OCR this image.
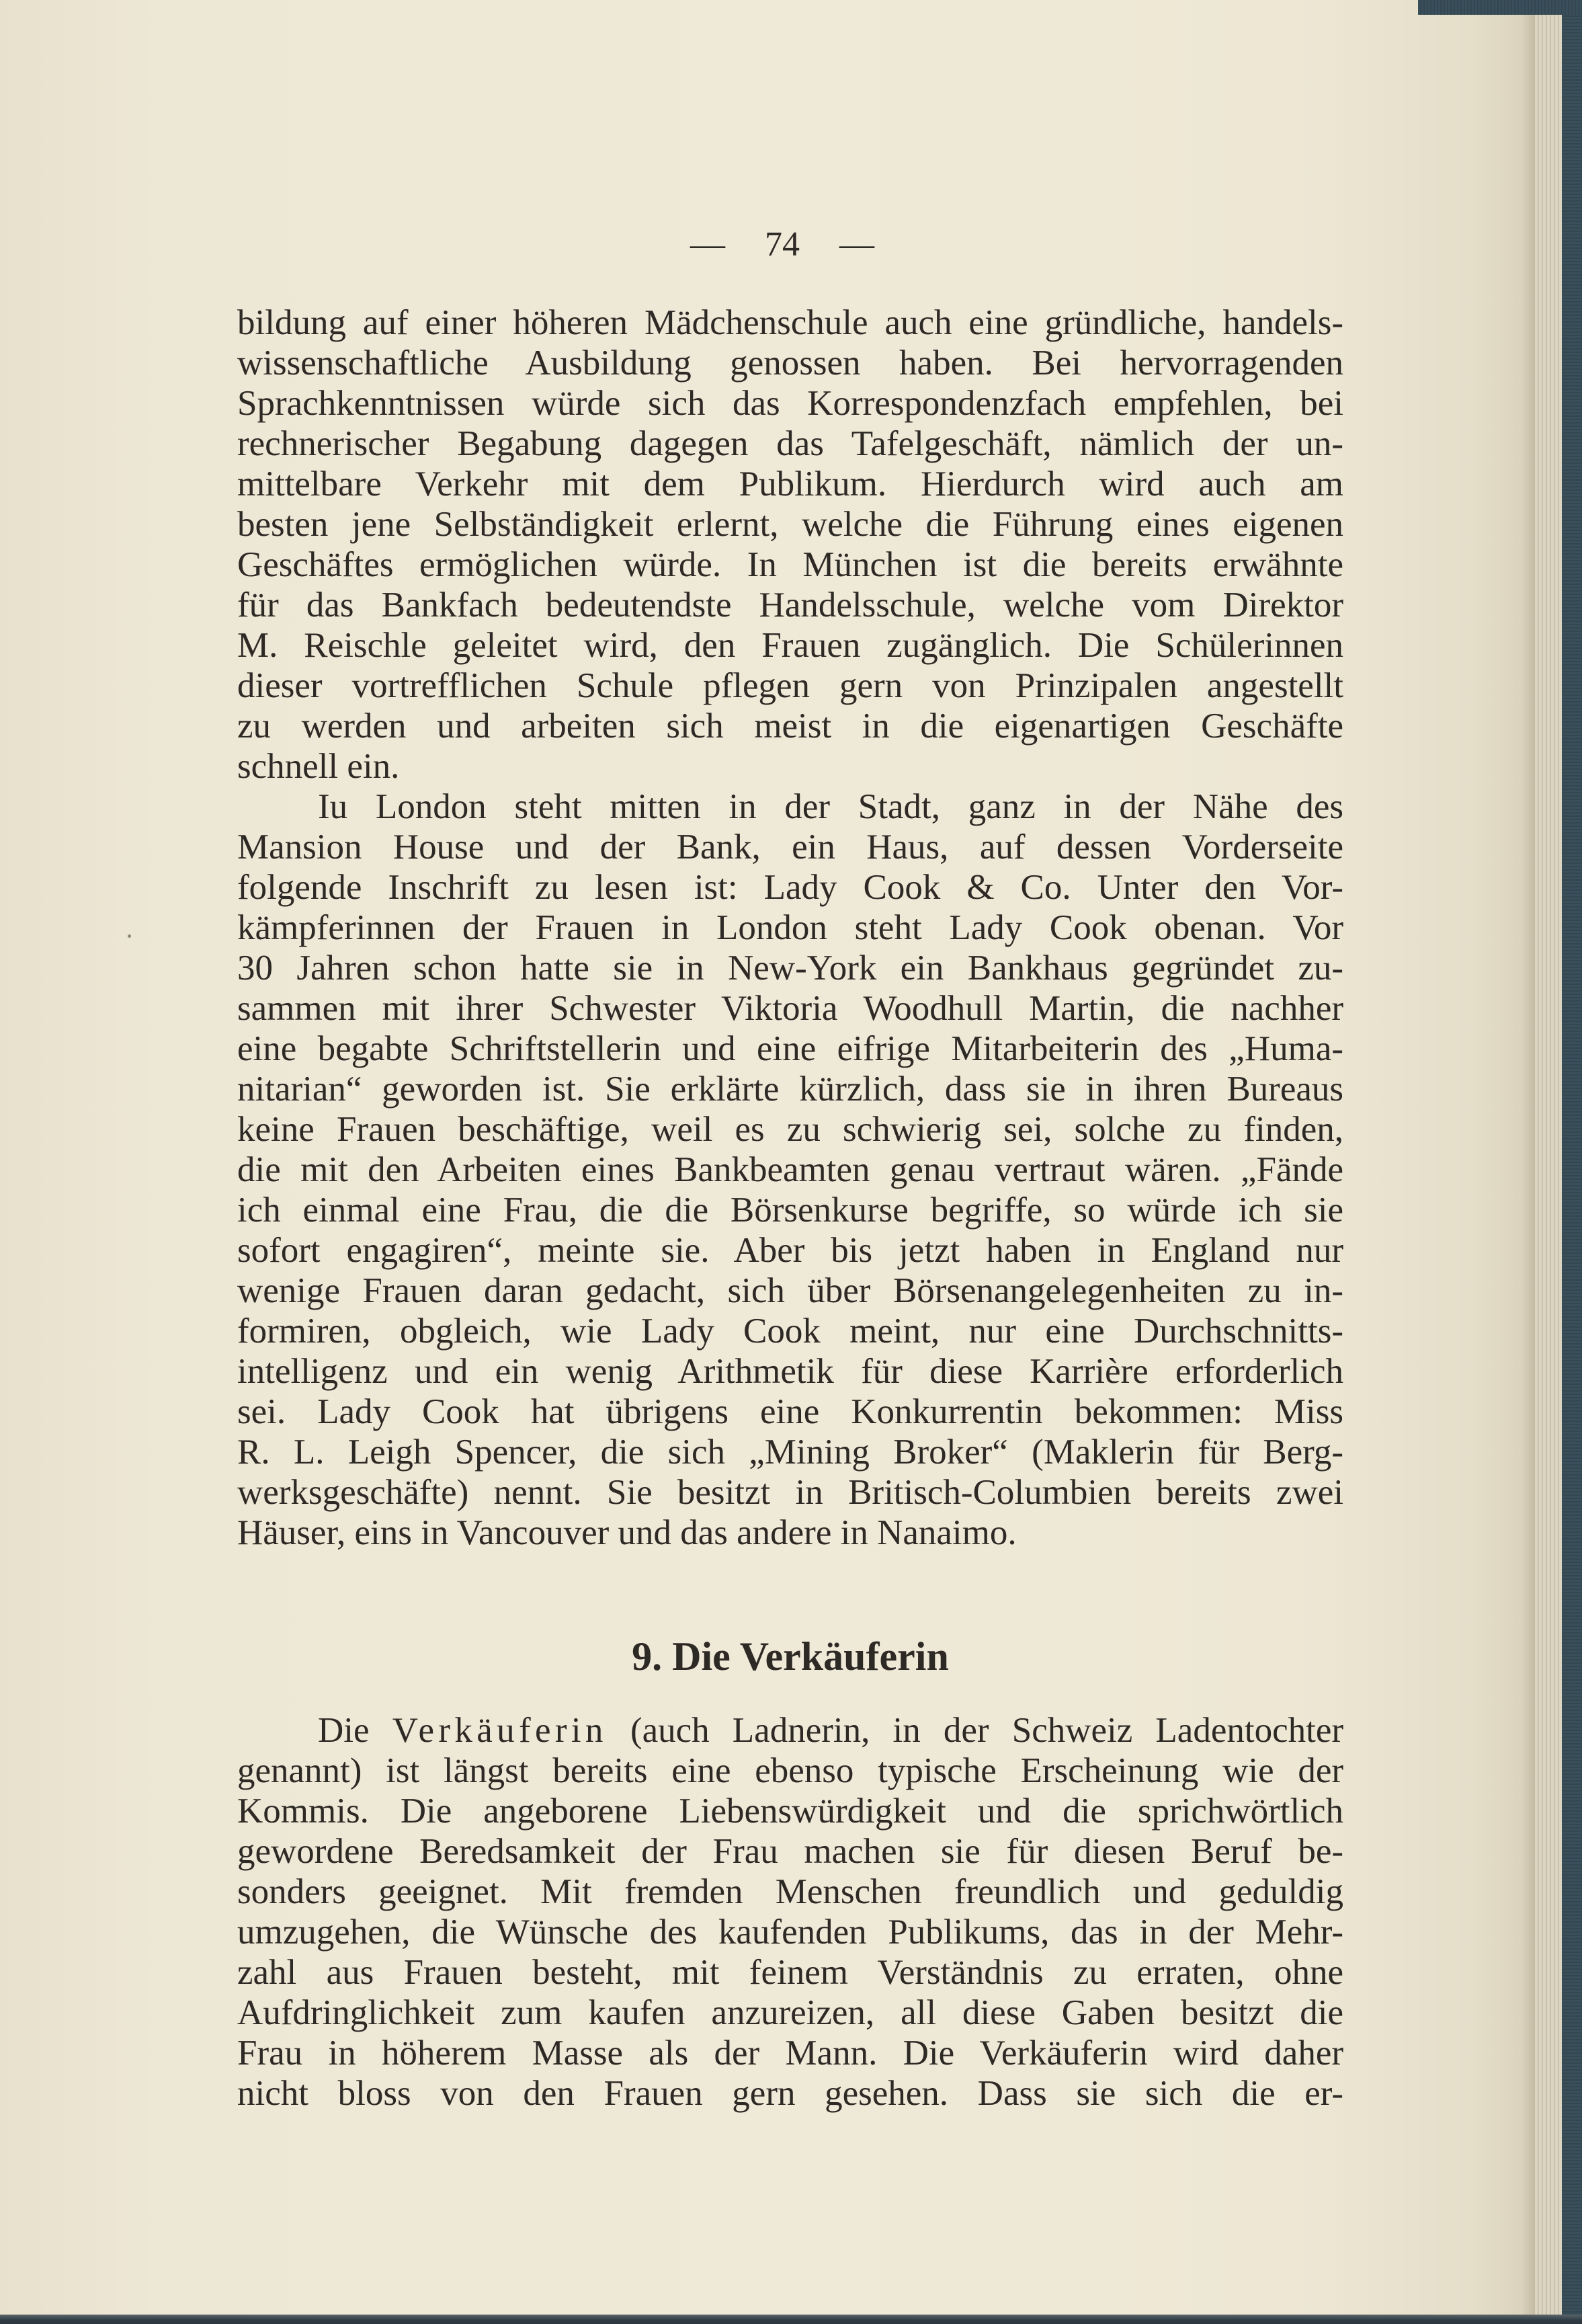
— 74 —
bildung auf einer höheren Mädchenschule auch eine gründliche, handels-
wissenschaftliche Ausbildung genossen haben. Bei hervorragenden
Sprachkenntnissen würde sich das Korrespondenzfach empfehlen, bei
rechnerischer Begabung dagegen das Tafelgeschäft, nämlich der un-
mittelbare Verkehr mit dem Publikum. Hierdurch wird auch am
besten jene Selbständigkeit erlernt, welche die Führung eines eigenen
Geschäftes ermöglichen würde. In München ist die bereits erwähnte
für das Bankfach bedeutendste Handelsschule, welche vom Direktor
M. Reischle geleitet wird, den Frauen zugänglich. Die Schülerinnen
dieser vortrefflichen Schule pflegen gern von Prinzipalen angestellt
zu werden und arbeiten sich meist in die eigenartigen Geschäfte
schnell ein.
Iu London steht mitten in der Stadt, ganz in der Nähe des
Mansion House und der Bank, ein Haus, auf dessen Vorderseite
folgende Inschrift zu lesen ist: Lady Cook & Co. Unter den Vor-
kämpferinnen der Frauen in London steht Lady Cook obenan. Vor
30 Jahren schon hatte sie in New-York ein Bankhaus gegründet zu-
sammen mit ihrer Schwester Viktoria Woodhull Martin, die nachher
eine begabte Schriftstellerin und eine eifrige Mitarbeiterin des „Huma-
nitarian“ geworden ist. Sie erklärte kürzlich, dass sie in ihren Bureaus
keine Frauen beschäftige, weil es zu schwierig sei, solche zu finden,
die mit den Arbeiten eines Bankbeamten genau vertraut wären. „Fände
ich einmal eine Frau, die die Börsenkurse begriffe, so würde ich sie
sofort engagiren“, meinte sie. Aber bis jetzt haben in England nur
wenige Frauen daran gedacht, sich über Börsenangelegenheiten zu in-
formiren, obgleich, wie Lady Cook meint, nur eine Durchschnitts-
intelligenz und ein wenig Arithmetik für diese Karrière erforderlich
sei. Lady Cook hat übrigens eine Konkurrentin bekommen: Miss
R. L. Leigh Spencer, die sich „Mining Broker“ (Maklerin für Berg-
werksgeschäfte) nennt. Sie besitzt in Britisch-Columbien bereits zwei
Häuser, eins in Vancouver und das andere in Nanaimo.
9. Die Verkäuferin
Die Verkäuferin (auch Ladnerin, in der Schweiz Ladentochter
genannt) ist längst bereits eine ebenso typische Erscheinung wie der
Kommis. Die angeborene Liebenswürdigkeit und die sprichwörtlich
gewordene Beredsamkeit der Frau machen sie für diesen Beruf be-
sonders geeignet. Mit fremden Menschen freundlich und geduldig
umzugehen, die Wünsche des kaufenden Publikums, das in der Mehr-
zahl aus Frauen besteht, mit feinem Verständnis zu erraten, ohne
Aufdringlichkeit zum kaufen anzureizen, all diese Gaben besitzt die
Frau in höherem Masse als der Mann. Die Verkäuferin wird daher
nicht bloss von den Frauen gern gesehen. Dass sie sich die er-
